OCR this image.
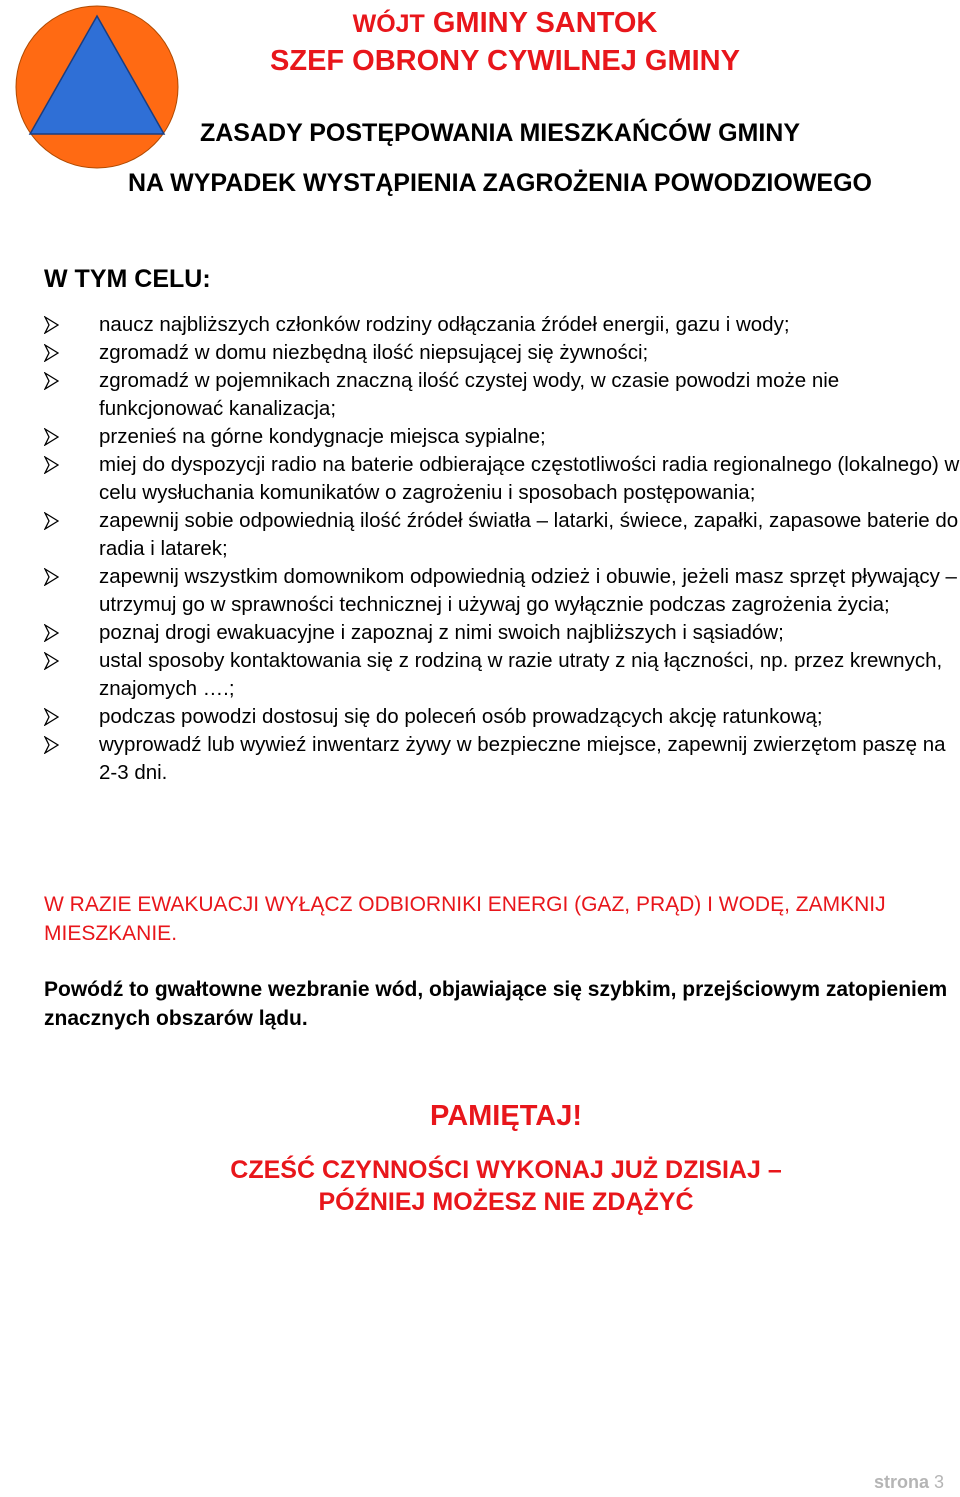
WÓJT GMINY SANTOK

SZEF OBRONY CYWILNEJ GMINY

ZASADY POSTĘPOWANIA MIESZKAŃCÓW GMINY

NA WYPADEK WYSTĄPIENIA ZAGROŻENIA POWODZIOWEGO

W TYM CELU:

naucz najbliższych członków rodziny odłączania źródeł energii, gazu i wody;
zgromadź w domu niezbędną ilość niepsującej się żywności;
zgromadź w pojemnikach znaczną ilość czystej wody, w czasie powodzi może nie funkcjonować kanalizacja;
przenieś na górne kondygnacje miejsca sypialne;
miej do dyspozycji radio na baterie odbierające częstotliwości radia regionalnego (lokalnego) w celu wysłuchania komunikatów o zagrożeniu i sposobach postępowania;
zapewnij sobie odpowiednią ilość źródeł światła – latarki, świece, zapałki, zapasowe baterie do radia i latarek;
zapewnij wszystkim domownikom odpowiednią odzież i obuwie, jeżeli masz sprzęt pływający – utrzymuj go w sprawności technicznej i używaj go wyłącznie podczas zagrożenia życia;
poznaj drogi ewakuacyjne i zapoznaj z nimi swoich najbliższych i sąsiadów;
ustal sposoby kontaktowania się z rodziną w razie utraty z nią łączności, np. przez krewnych, znajomych ….;
podczas powodzi dostosuj się do poleceń osób prowadzących akcję ratunkową;
wyprowadź lub wywieź inwentarz żywy w bezpieczne miejsce, zapewnij zwierzętom paszę na 2-3 dni.

W RAZIE EWAKUACJI WYŁĄCZ ODBIORNIKI ENERGI (GAZ, PRĄD) I WODĘ, ZAMKNIJ MIESZKANIE.

Powódź to gwałtowne wezbranie wód, objawiające się szybkim, przejściowym zatopieniem znacznych obszarów lądu.

PAMIĘTAJ!

CZEŚĆ CZYNNOŚCI WYKONAJ JUŻ DZISIAJ –
PÓŹNIEJ MOŻESZ NIE ZDĄŻYĆ

strona 3
